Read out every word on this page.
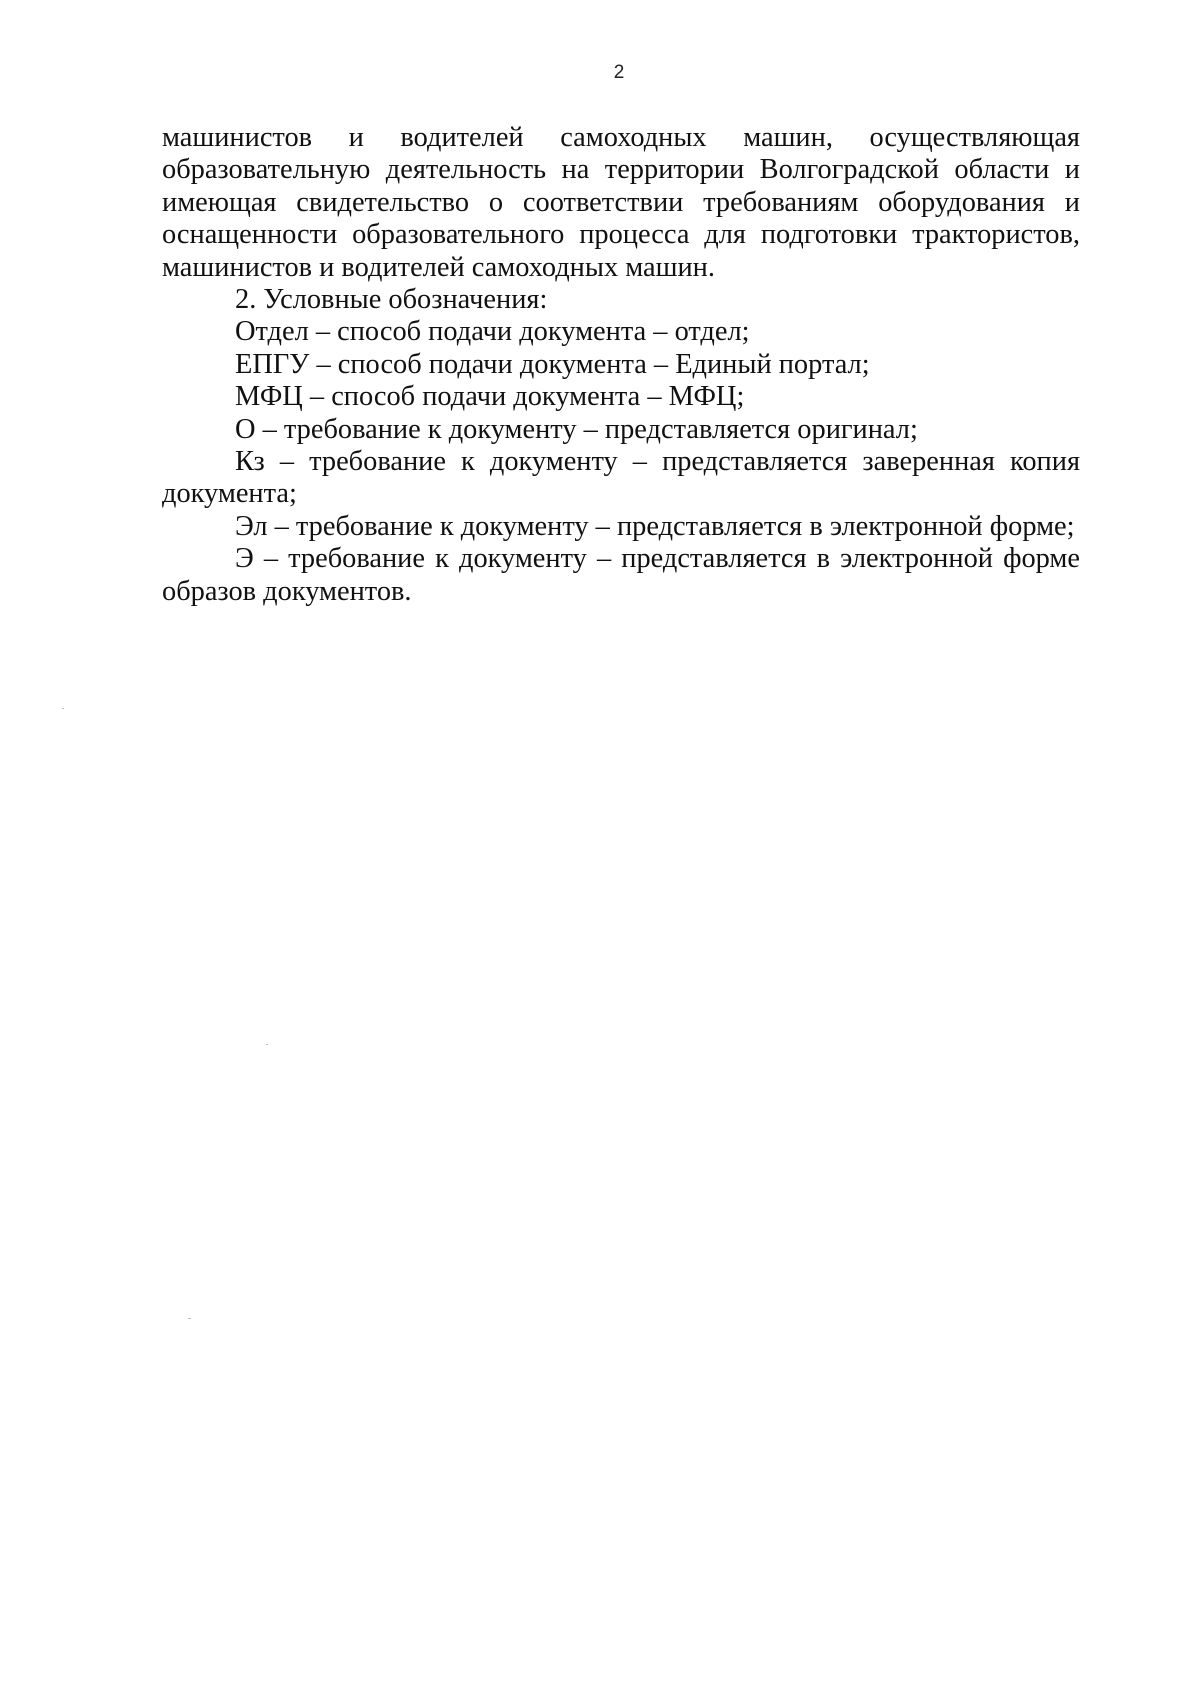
2

машинистов и водителей самоходных машин, осуществляющая образовательную деятельность на территории Волгоградской области и имеющая свидетельство о соответствии требованиям оборудования и оснащенности образовательного процесса для подготовки трактористов, машинистов и водителей самоходных машин.

2. Условные обозначения:

Отдел – способ подачи документа – отдел;

ЕПГУ – способ подачи документа – Единый портал;

МФЦ – способ подачи документа – МФЦ;

О – требование к документу – представляется оригинал;

Кз – требование к документу – представляется заверенная копия документа;

Эл – требование к документу – представляется в электронной форме;

Э – требование к документу – представляется в электронной форме образов документов.
